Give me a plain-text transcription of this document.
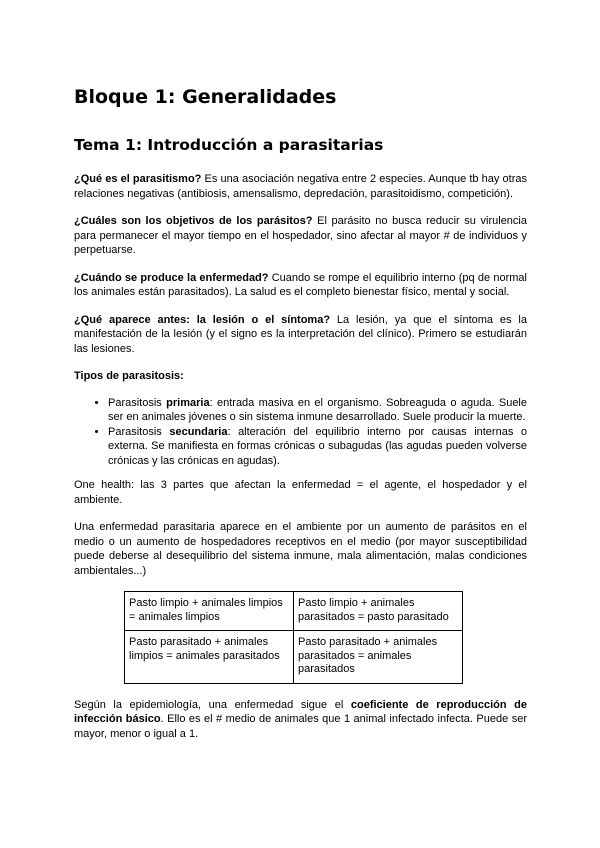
Bloque 1: Generalidades
Tema 1: Introducción a parasitarias

¿Qué es el parasitismo? Es una asociación negativa entre 2 especies. Aunque tb hay otras relaciones negativas (antibiosis, amensalismo, depredación, parasitoidismo, competición).

¿Cuáles son los objetivos de los parásitos? El parásito no busca reducir su virulencia para permanecer el mayor tiempo en el hospedador, sino afectar al mayor # de individuos y perpetuarse.

¿Cuándo se produce la enfermedad? Cuando se rompe el equilibrio interno (pq de normal los animales están parasitados). La salud es el completo bienestar físico, mental y social.

¿Qué aparece antes: la lesión o el síntoma? La lesión, ya que el síntoma es la manifestación de la lesión (y el signo es la interpretación del clínico). Primero se estudiarán las lesiones.

Tipos de parasitosis:

• Parasitosis primaria: entrada masiva en el organismo. Sobreaguda o aguda. Suele ser en animales jóvenes o sin sistema inmune desarrollado. Suele producir la muerte.
• Parasitosis secundaria: alteración del equilibrio interno por causas internas o externa. Se manifiesta en formas crónicas o subagudas (las agudas pueden volverse crónicas y las crónicas en agudas).

One health: las 3 partes que afectan la enfermedad = el agente, el hospedador y el ambiente.

Una enfermedad parasitaria aparece en el ambiente por un aumento de parásitos en el medio o un aumento de hospedadores receptivos en el medio (por mayor susceptibilidad puede deberse al desequilibrio del sistema inmune, mala alimentación, malas condiciones ambientales...)

Pasto limpio + animales limpios = animales limpios	Pasto limpio + animales parasitados = pasto parasitado
Pasto parasitado + animales limpios = animales parasitados	Pasto parasitado + animales parasitados = animales parasitados

Según la epidemiología, una enfermedad sigue el coeficiente de reproducción de infección básico. Ello es el # medio de animales que 1 animal infectado infecta. Puede ser mayor, menor o igual a 1.
